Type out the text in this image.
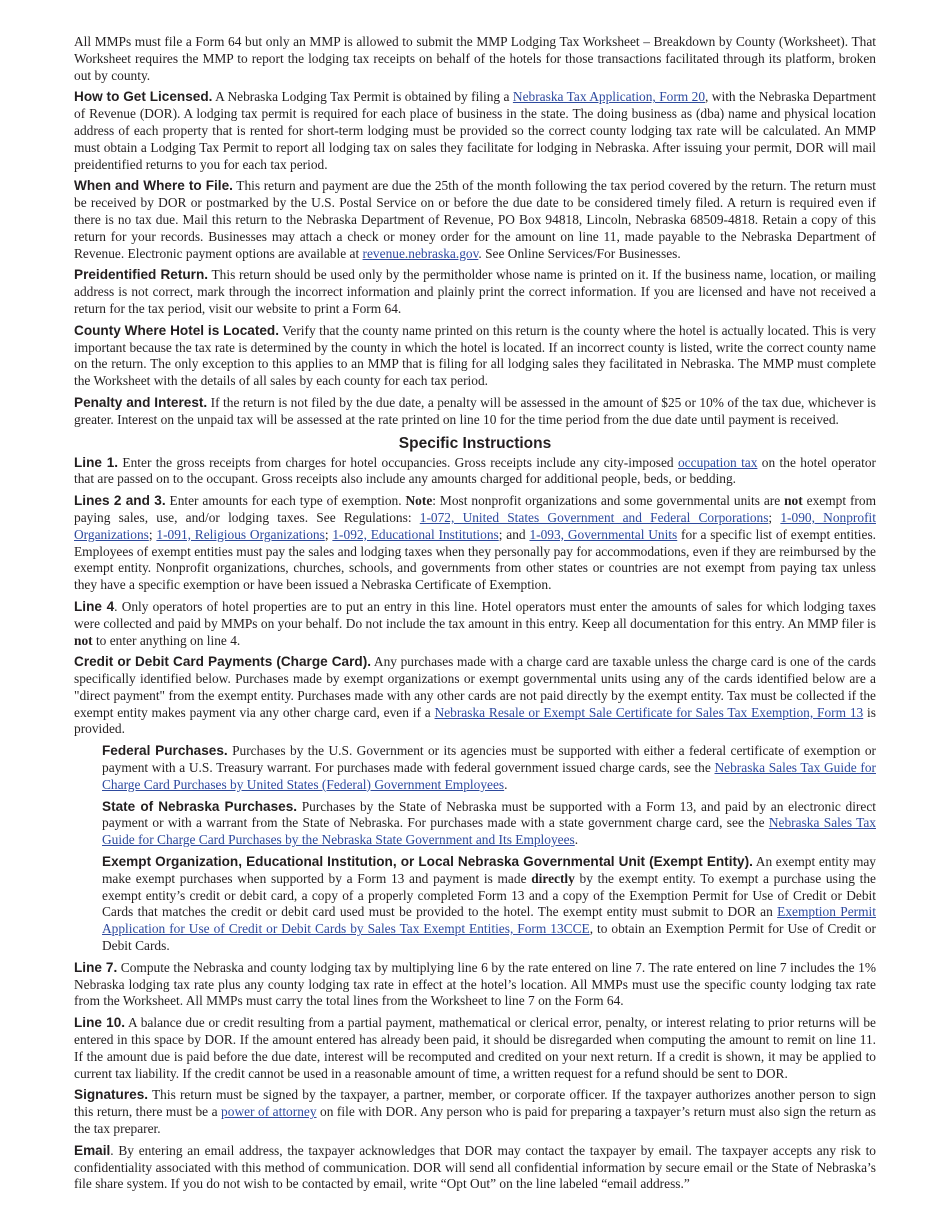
All MMPs must file a Form 64 but only an MMP is allowed to submit the MMP Lodging Tax Worksheet – Breakdown by County (Worksheet). That Worksheet requires the MMP to report the lodging tax receipts on behalf of the hotels for those transactions facilitated through its platform, broken out by county.

How to Get Licensed. A Nebraska Lodging Tax Permit is obtained by filing a Nebraska Tax Application, Form 20, with the Nebraska Department of Revenue (DOR). A lodging tax permit is required for each place of business in the state. The doing business as (dba) name and physical location address of each property that is rented for short-term lodging must be provided so the correct county lodging tax rate will be calculated. An MMP must obtain a Lodging Tax Permit to report all lodging tax on sales they facilitate for lodging in Nebraska. After issuing your permit, DOR will mail preidentified returns to you for each tax period.

When and Where to File. This return and payment are due the 25th of the month following the tax period covered by the return. The return must be received by DOR or postmarked by the U.S. Postal Service on or before the due date to be considered timely filed. A return is required even if there is no tax due. Mail this return to the Nebraska Department of Revenue, PO Box 94818, Lincoln, Nebraska 68509-4818. Retain a copy of this return for your records. Businesses may attach a check or money order for the amount on line 11, made payable to the Nebraska Department of Revenue. Electronic payment options are available at revenue.nebraska.gov. See Online Services/For Businesses.

Preidentified Return. This return should be used only by the permitholder whose name is printed on it. If the business name, location, or mailing address is not correct, mark through the incorrect information and plainly print the correct information. If you are licensed and have not received a return for the tax period, visit our website to print a Form 64.

County Where Hotel is Located. Verify that the county name printed on this return is the county where the hotel is actually located. This is very important because the tax rate is determined by the county in which the hotel is located. If an incorrect county is listed, write the correct county name on the return. The only exception to this applies to an MMP that is filing for all lodging sales they facilitated in Nebraska. The MMP must complete the Worksheet with the details of all sales by each county for each tax period.

Penalty and Interest. If the return is not filed by the due date, a penalty will be assessed in the amount of $25 or 10% of the tax due, whichever is greater. Interest on the unpaid tax will be assessed at the rate printed on line 10 for the time period from the due date until payment is received.

Specific Instructions

Line 1. Enter the gross receipts from charges for hotel occupancies. Gross receipts include any city-imposed occupation tax on the hotel operator that are passed on to the occupant. Gross receipts also include any amounts charged for additional people, beds, or bedding.

Lines 2 and 3. Enter amounts for each type of exemption. Note: Most nonprofit organizations and some governmental units are not exempt from paying sales, use, and/or lodging taxes. See Regulations: 1-072, United States Government and Federal Corporations; 1-090, Nonprofit Organizations; 1-091, Religious Organizations; 1-092, Educational Institutions; and 1-093, Governmental Units for a specific list of exempt entities. Employees of exempt entities must pay the sales and lodging taxes when they personally pay for accommodations, even if they are reimbursed by the exempt entity. Nonprofit organizations, churches, schools, and governments from other states or countries are not exempt from paying tax unless they have a specific exemption or have been issued a Nebraska Certificate of Exemption.

Line 4. Only operators of hotel properties are to put an entry in this line. Hotel operators must enter the amounts of sales for which lodging taxes were collected and paid by MMPs on your behalf. Do not include the tax amount in this entry. Keep all documentation for this entry. An MMP filer is not to enter anything on line 4.

Credit or Debit Card Payments (Charge Card). Any purchases made with a charge card are taxable unless the charge card is one of the cards specifically identified below. Purchases made by exempt organizations or exempt governmental units using any of the cards identified below are a "direct payment" from the exempt entity. Purchases made with any other cards are not paid directly by the exempt entity. Tax must be collected if the exempt entity makes payment via any other charge card, even if a Nebraska Resale or Exempt Sale Certificate for Sales Tax Exemption, Form 13 is provided.

Federal Purchases. Purchases by the U.S. Government or its agencies must be supported with either a federal certificate of exemption or payment with a U.S. Treasury warrant. For purchases made with federal government issued charge cards, see the Nebraska Sales Tax Guide for Charge Card Purchases by United States (Federal) Government Employees.

State of Nebraska Purchases. Purchases by the State of Nebraska must be supported with a Form 13, and paid by an electronic direct payment or with a warrant from the State of Nebraska. For purchases made with a state government charge card, see the Nebraska Sales Tax Guide for Charge Card Purchases by the Nebraska State Government and Its Employees.

Exempt Organization, Educational Institution, or Local Nebraska Governmental Unit (Exempt Entity). An exempt entity may make exempt purchases when supported by a Form 13 and payment is made directly by the exempt entity. To exempt a purchase using the exempt entity’s credit or debit card, a copy of a properly completed Form 13 and a copy of the Exemption Permit for Use of Credit or Debit Cards that matches the credit or debit card used must be provided to the hotel. The exempt entity must submit to DOR an Exemption Permit Application for Use of Credit or Debit Cards by Sales Tax Exempt Entities, Form 13CCE, to obtain an Exemption Permit for Use of Credit or Debit Cards.

Line 7. Compute the Nebraska and county lodging tax by multiplying line 6 by the rate entered on line 7. The rate entered on line 7 includes the 1% Nebraska lodging tax rate plus any county lodging tax rate in effect at the hotel’s location. All MMPs must use the specific county lodging tax rate from the Worksheet. All MMPs must carry the total lines from the Worksheet to line 7 on the Form 64.

Line 10. A balance due or credit resulting from a partial payment, mathematical or clerical error, penalty, or interest relating to prior returns will be entered in this space by DOR. If the amount entered has already been paid, it should be disregarded when computing the amount to remit on line 11. If the amount due is paid before the due date, interest will be recomputed and credited on your next return. If a credit is shown, it may be applied to current tax liability. If the credit cannot be used in a reasonable amount of time, a written request for a refund should be sent to DOR.

Signatures. This return must be signed by the taxpayer, a partner, member, or corporate officer. If the taxpayer authorizes another person to sign this return, there must be a power of attorney on file with DOR. Any person who is paid for preparing a taxpayer’s return must also sign the return as the tax preparer.

Email. By entering an email address, the taxpayer acknowledges that DOR may contact the taxpayer by email. The taxpayer accepts any risk to confidentiality associated with this method of communication. DOR will send all confidential information by secure email or the State of Nebraska’s file share system. If you do not wish to be contacted by email, write “Opt Out” on the line labeled “email address.”
